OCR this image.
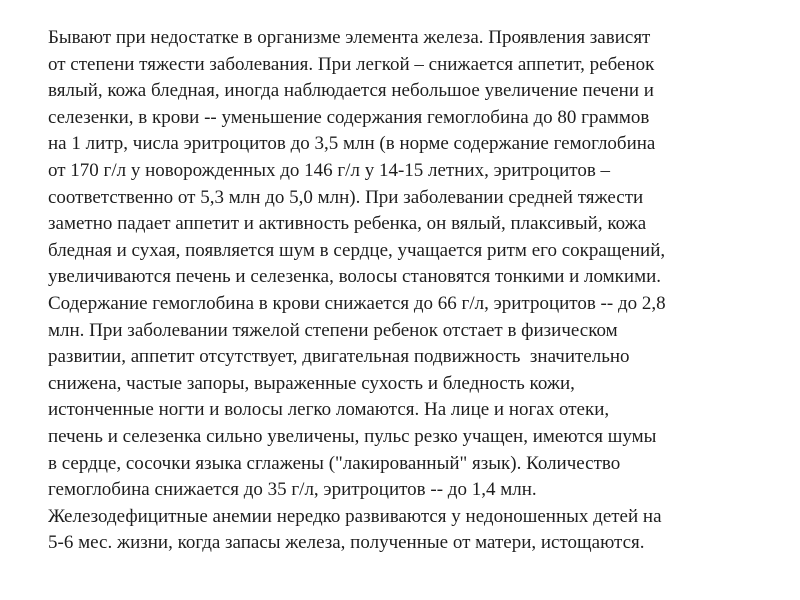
Бывают при недостатке в организме элемента железа. Проявления зависят
от степени тяжести заболевания. При легкой – снижается аппетит, ребенок
вялый, кожа бледная, иногда наблюдается небольшое увеличение печени и
селезенки, в крови -- уменьшение содержания гемоглобина до 80 граммов
на 1 литр, числа эритроцитов до 3,5 млн (в норме содержание гемоглобина
от 170 г/л у новорожденных до 146 г/л у 14-15 летних, эритроцитов –
соответственно от 5,3 млн до 5,0 млн). При заболевании средней тяжести
заметно падает аппетит и активность ребенка, он вялый, плаксивый, кожа
бледная и сухая, появляется шум в сердце, учащается ритм его сокращений,
увеличиваются печень и селезенка, волосы становятся тонкими и ломкими.
Содержание гемоглобина в крови снижается до 66 г/л, эритроцитов -- до 2,8
млн. При заболевании тяжелой степени ребенок отстает в физическом
развитии, аппетит отсутствует, двигательная подвижность  значительно
снижена, частые запоры, выраженные сухость и бледность кожи,
истонченные ногти и волосы легко ломаются. На лице и ногах отеки,
печень и селезенка сильно увеличены, пульс резко учащен, имеются шумы
в сердце, сосочки языка сглажены ("лакированный" язык). Количество
гемоглобина снижается до 35 г/л, эритроцитов -- до 1,4 млн.
Железодефицитные анемии нередко развиваются у недоношенных детей на
5-6 мес. жизни, когда запасы железа, полученные от матери, истощаются.
